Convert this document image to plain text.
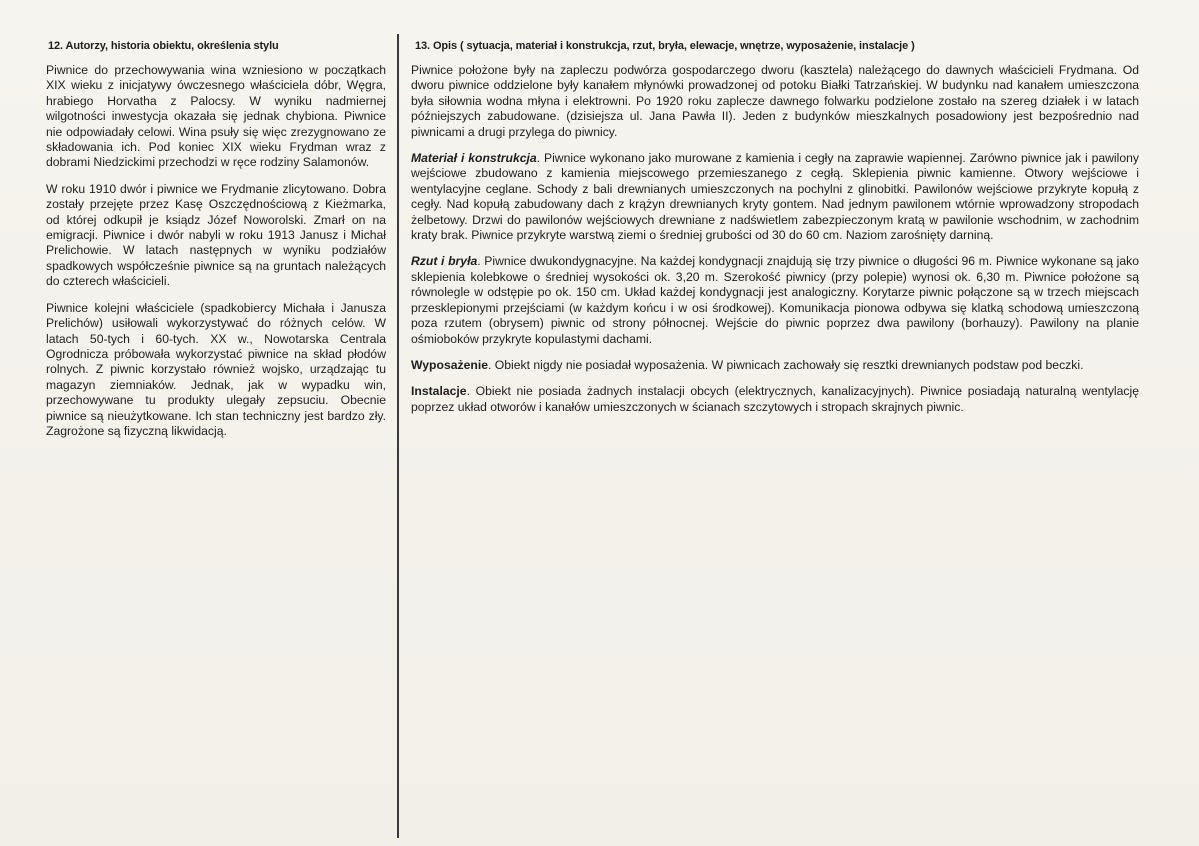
12. Autorzy, historia obiektu, określenia stylu

Piwnice do przechowywania wina wzniesiono w początkach XIX wieku z inicjatywy ówczesnego właściciela dóbr, Węgra, hrabiego Horvatha z Palocsy. W wyniku nadmiernej wilgotności inwestycja okazała się jednak chybiona. Piwnice nie odpowiadały celowi. Wina psuły się więc zrezygnowano ze składowania ich. Pod koniec XIX wieku Frydman wraz z dobrami Niedzickimi przechodzi w ręce rodziny Salamonów.

W roku 1910 dwór i piwnice we Frydmanie zlicytowano. Dobra zostały przejęte przez Kasę Oszczędnościową z Kieżmarka, od której odkupił je ksiądz Józef Noworolski. Zmarł on na emigracji. Piwnice i dwór nabyli w roku 1913 Janusz i Michał Prelichowie. W latach następnych w wyniku podziałów spadkowych współcześnie piwnice są na gruntach należących do czterech właścicieli.

Piwnice kolejni właściciele (spadkobiercy Michała i Janusza Prelichów) usiłowali wykorzystywać do różnych celów. W latach 50-tych i 60-tych. XX w., Nowotarska Centrala Ogrodnicza próbowała wykorzystać piwnice na skład płodów rolnych. Z piwnic korzystało również wojsko, urządzając tu magazyn ziemniaków. Jednak, jak w wypadku win, przechowywane tu produkty ulegały zepsuciu. Obecnie piwnice są nieużytkowane. Ich stan techniczny jest bardzo zły. Zagrożone są fizyczną likwidacją.

13. Opis ( sytuacja, materiał i konstrukcja, rzut, bryła, elewacje, wnętrze, wyposażenie, instalacje )

Piwnice położone były na zapleczu podwórza gospodarczego dworu (kasztela) należącego do dawnych właścicieli Frydmana. Od dworu piwnice oddzielone były kanałem młynówki prowadzonej od potoku Białki Tatrzańskiej. W budynku nad kanałem umieszczona była siłownia wodna młyna i elektrowni. Po 1920 roku zaplecze dawnego folwarku podzielone zostało na szereg działek i w latach późniejszych zabudowane. (dzisiejsza ul. Jana Pawła II). Jeden z budynków mieszkalnych posadowiony jest bezpośrednio nad piwnicami a drugi przylega do piwnicy.

Materiał i konstrukcja. Piwnice wykonano jako murowane z kamienia i cegły na zaprawie wapiennej. Zarówno piwnice jak i pawilony wejściowe zbudowano z kamienia miejscowego przemieszanego z cegłą. Sklepienia piwnic kamienne. Otwory wejściowe i wentylacyjne ceglane. Schody z bali drewnianych umieszczonych na pochylni z glinobitki. Pawilonów wejściowe przykryte kopułą z cegły. Nad kopułą zabudowany dach z krążyn drewnianych kryty gontem. Nad jednym pawilonem wtórnie wprowadzony stropodach żelbetowy. Drzwi do pawilonów wejściowych drewniane z nadświetlem zabezpieczonym kratą w pawilonie wschodnim, w zachodnim kraty brak. Piwnice przykryte warstwą ziemi o średniej grubości od 30 do 60 cm. Naziom zarośnięty darniną.

Rzut i bryła. Piwnice dwukondygnacyjne. Na każdej kondygnacji znajdują się trzy piwnice o długości 96 m. Piwnice wykonane są jako sklepienia kolebkowe o średniej wysokości ok. 3,20 m. Szerokość piwnicy (przy polepie) wynosi ok. 6,30 m. Piwnice położone są równolegle w odstępie po ok. 150 cm. Układ każdej kondygnacji jest analogiczny. Korytarze piwnic połączone są w trzech miejscach przesklepionymi przejściami (w każdym końcu i w osi środkowej). Komunikacja pionowa odbywa się klatką schodową umieszczoną poza rzutem (obrysem) piwnic od strony północnej. Wejście do piwnic poprzez dwa pawilony (borhauzy). Pawilony na planie ośmioboków przykryte kopulastymi dachami.

Wyposażenie. Obiekt nigdy nie posiadał wyposażenia. W piwnicach zachowały się resztki drewnianych podstaw pod beczki.

Instalacje. Obiekt nie posiada żadnych instalacji obcych (elektrycznych, kanalizacyjnych). Piwnice posiadają naturalną wentylację poprzez układ otworów i kanałów umieszczonych w ścianach szczytowych i stropach skrajnych piwnic.
